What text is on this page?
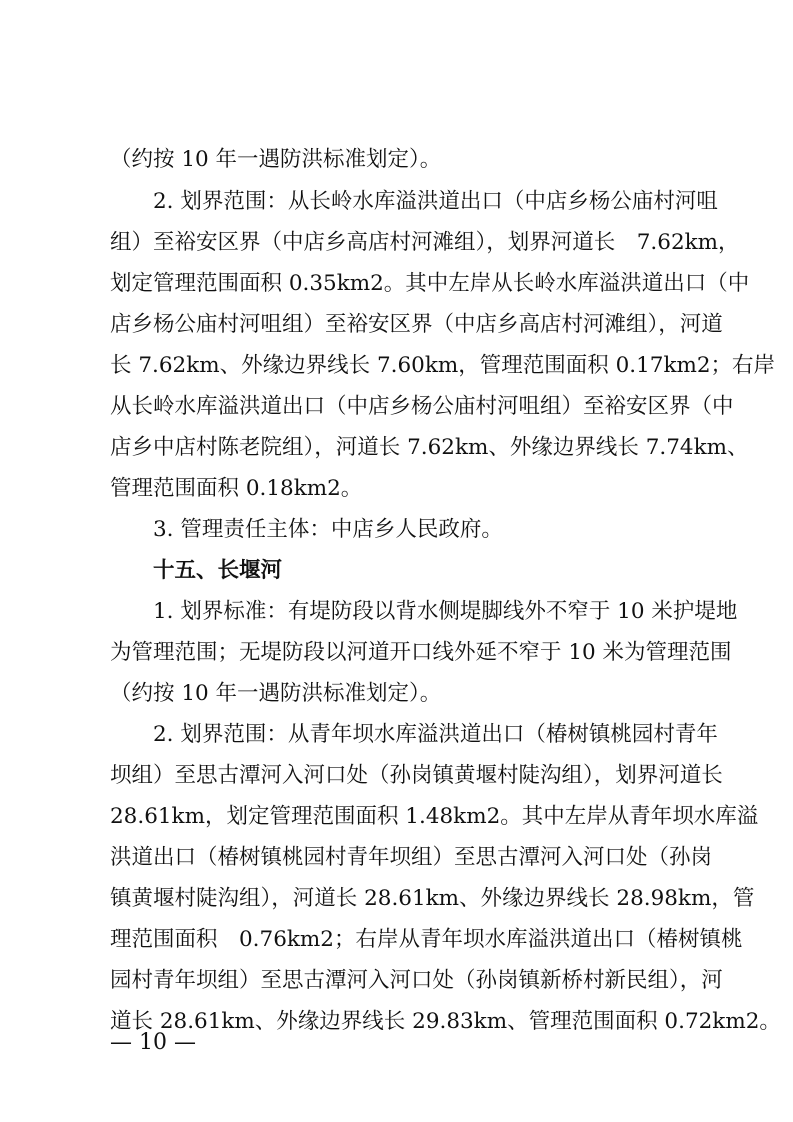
（约按 10 年一遇防洪标准划定）。
　　2. 划界范围：从长岭水库溢洪道出口（中店乡杨公庙村河咀
组）至裕安区界（中店乡高店村河滩组），划界河道长　7.62km，
划定管理范围面积 0.35km2。其中左岸从长岭水库溢洪道出口（中
店乡杨公庙村河咀组）至裕安区界（中店乡高店村河滩组），河道
长 7.62km、外缘边界线长 7.60km，管理范围面积 0.17km2；右岸
从长岭水库溢洪道出口（中店乡杨公庙村河咀组）至裕安区界（中
店乡中店村陈老院组），河道长 7.62km、外缘边界线长 7.74km、
管理范围面积 0.18km2。
　　3. 管理责任主体：中店乡人民政府。
　　十五、长堰河
　　1. 划界标准：有堤防段以背水侧堤脚线外不窄于 10 米护堤地
为管理范围；无堤防段以河道开口线外延不窄于 10 米为管理范围
（约按 10 年一遇防洪标准划定）。
　　2. 划界范围：从青年坝水库溢洪道出口（椿树镇桃园村青年
坝组）至思古潭河入河口处（孙岗镇黄堰村陡沟组），划界河道长
28.61km，划定管理范围面积 1.48km2。其中左岸从青年坝水库溢
洪道出口（椿树镇桃园村青年坝组）至思古潭河入河口处（孙岗
镇黄堰村陡沟组），河道长 28.61km、外缘边界线长 28.98km，管
理范围面积　0.76km2；右岸从青年坝水库溢洪道出口（椿树镇桃
园村青年坝组）至思古潭河入河口处（孙岗镇新桥村新民组），河
道长 28.61km、外缘边界线长 29.83km、管理范围面积 0.72km2。
— 10 —
